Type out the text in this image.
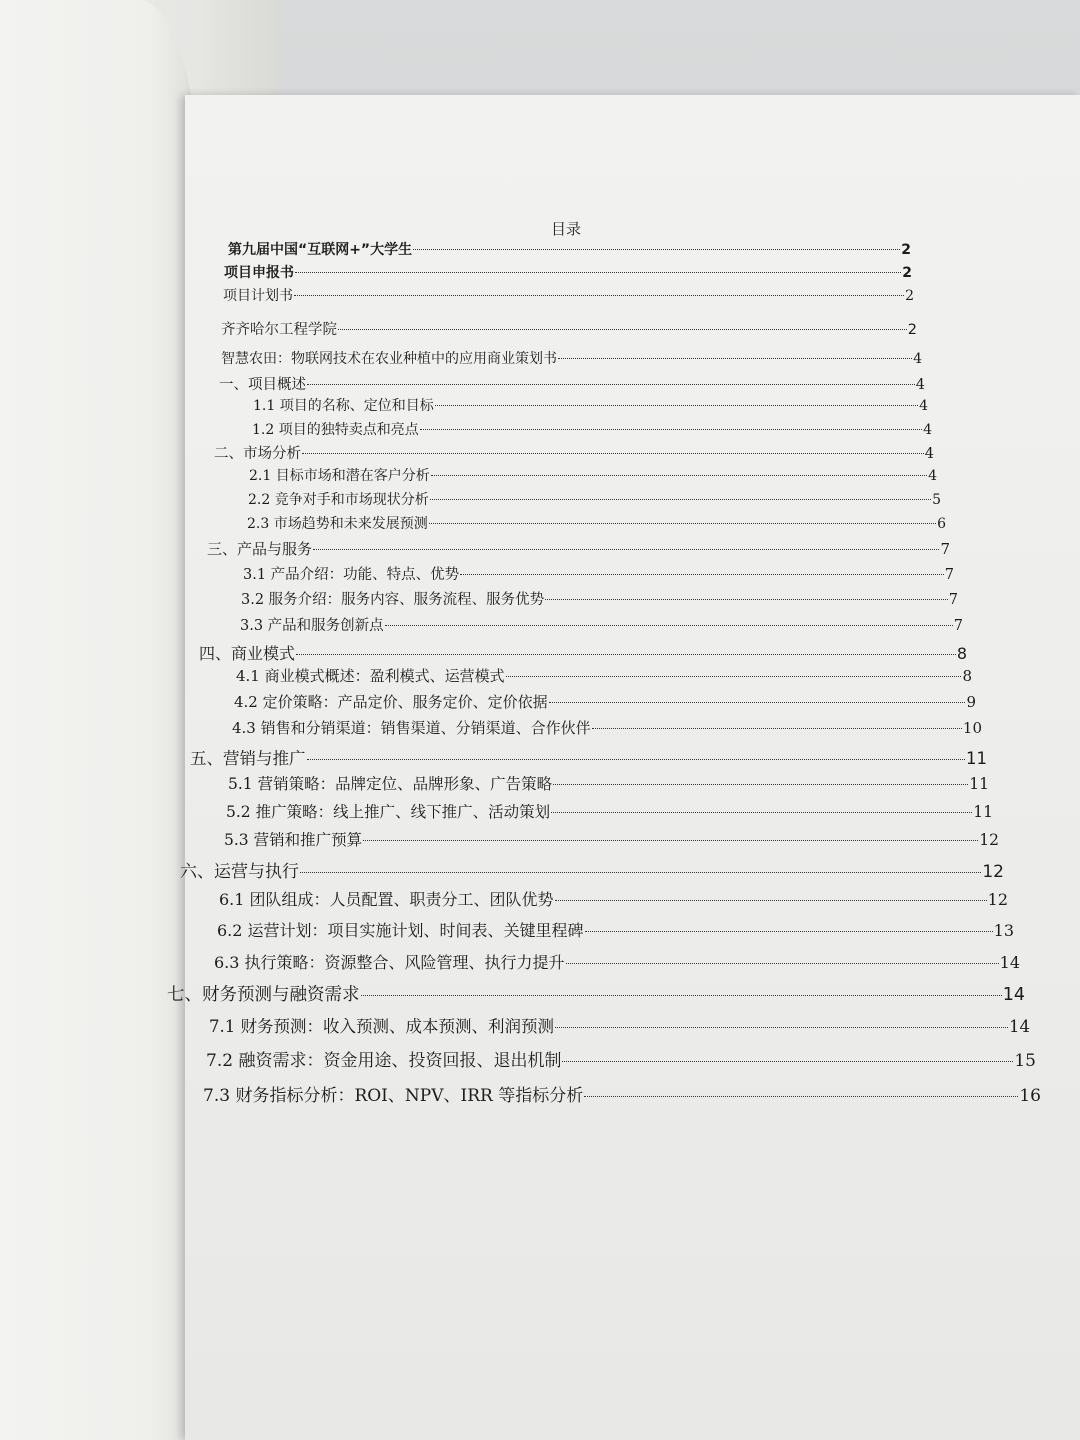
目录
第九届中国“互联网+”大学生	2
项目申报书	2
项目计划书	2
齐齐哈尔工程学院	2
智慧农田：物联网技术在农业种植中的应用商业策划书	4
一、项目概述	4
1.1 项目的名称、定位和目标	4
1.2 项目的独特卖点和亮点	4
二、市场分析	4
2.1 目标市场和潜在客户分析	4
2.2 竞争对手和市场现状分析	5
2.3 市场趋势和未来发展预测	6
三、产品与服务	7
3.1 产品介绍：功能、特点、优势	7
3.2 服务介绍：服务内容、服务流程、服务优势	7
3.3 产品和服务创新点	7
四、商业模式	8
4.1 商业模式概述：盈利模式、运营模式	8
4.2 定价策略：产品定价、服务定价、定价依据	9
4.3 销售和分销渠道：销售渠道、分销渠道、合作伙伴	10
五、营销与推广	11
5.1 营销策略：品牌定位、品牌形象、广告策略	11
5.2 推广策略：线上推广、线下推广、活动策划	11
5.3 营销和推广预算	12
六、运营与执行	12
6.1 团队组成：人员配置、职责分工、团队优势	12
6.2 运营计划：项目实施计划、时间表、关键里程碑	13
6.3 执行策略：资源整合、风险管理、执行力提升	14
七、财务预测与融资需求	14
7.1 财务预测：收入预测、成本预测、利润预测	14
7.2 融资需求：资金用途、投资回报、退出机制	15
7.3 财务指标分析：ROI、NPV、IRR 等指标分析	16
